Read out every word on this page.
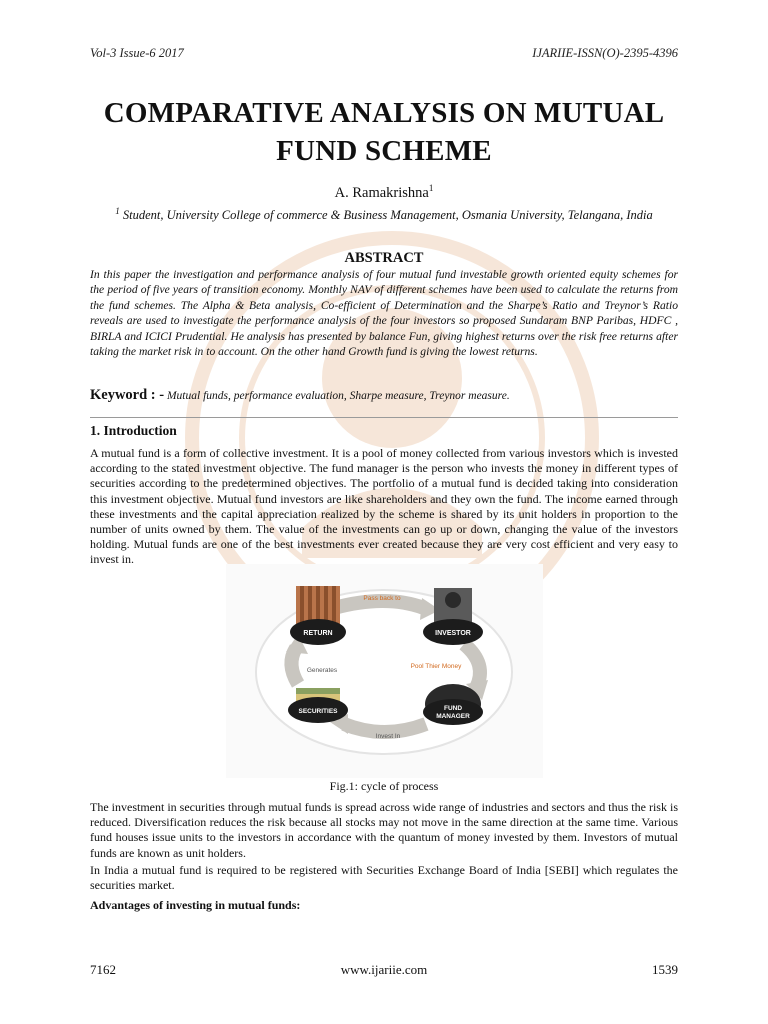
Vol-3 Issue-6 2017	IJARIIE-ISSN(O)-2395-4396
COMPARATIVE ANALYSIS ON MUTUAL
FUND SCHEME
A. Ramakrishna$^1$
$^1$ Student, University College of commerce & Business Management, Osmania University, Telangana, India
ABSTRACT
In this paper the investigation and performance analysis of four mutual fund investable growth oriented equity schemes for the period of five years of transition economy. Monthly NAV of different schemes have been used to calculate the returns from the fund schemes. The Alpha & Beta analysis, Co-efficient of Determination and the Sharpe’s Ratio and Treynor’s Ratio reveals are used to investigate the performance analysis of the four investors so proposed Sundaram BNP Paribas, HDFC , BIRLA and ICICI Prudential. He analysis has presented by balance Fun, giving highest returns over the risk free returns after taking the market risk in to account. On the other hand Growth fund is giving the lowest returns.
Keyword : - Mutual funds, performance evaluation, Sharpe measure, Treynor measure.
1. Introduction
A mutual fund is a form of collective investment. It is a pool of money collected from various investors which is invested according to the stated investment objective. The fund manager is the person who invests the money in different types of securities according to the predetermined objectives. The portfolio of a mutual fund is decided taking into consideration this investment objective. Mutual fund investors are like shareholders and they own the fund. The income earned through these investments and the capital appreciation realized by the scheme is shared by its unit holders in proportion to the number of units owned by them. The value of the investments can go up or down, changing the value of the investors holding. Mutual funds are one of the best investments ever created because they are very cost efficient and very easy to invest in.
RETURN	INVESTOR
FUND
MANAGER
SECURITIES
Pass back to
Pool Thier Money
Invest In
Generates
Fig.1: cycle of process
The investment in securities through mutual funds is spread across wide range of industries and sectors and thus the risk is reduced. Diversification reduces the risk because all stocks may not move in the same direction at the same time. Various fund houses issue units to the investors in accordance with the quantum of money invested by them. Investors of mutual funds are known as unit holders.
In India a mutual fund is required to be registered with Securities Exchange Board of India [SEBI] which regulates the securities market.
Advantages of investing in mutual funds:
7162	www.ijariie.com	1539
